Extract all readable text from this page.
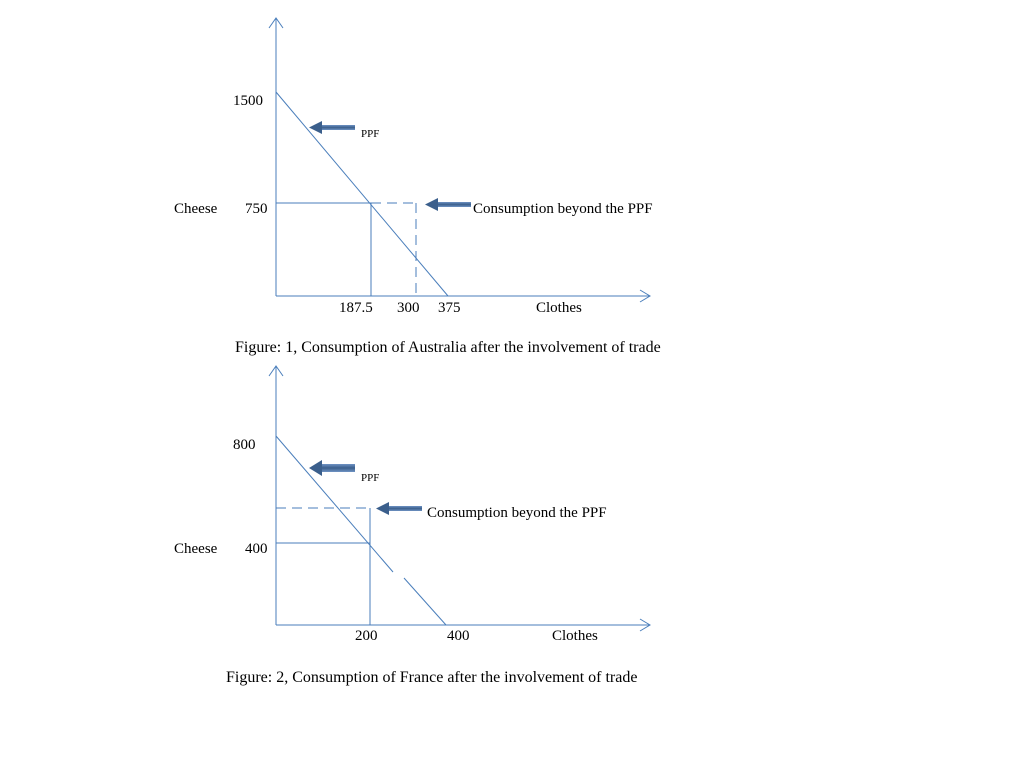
PPF
Consumption beyond the PPF
1500
750
Cheese
187.5 300 375	Clothes
Figure: 1, Consumption of Australia after the involvement of trade
PPF
Consumption beyond the PPF
800
400
Cheese
200	400	Clothes
Figure: 2, Consumption of France after the involvement of trade
